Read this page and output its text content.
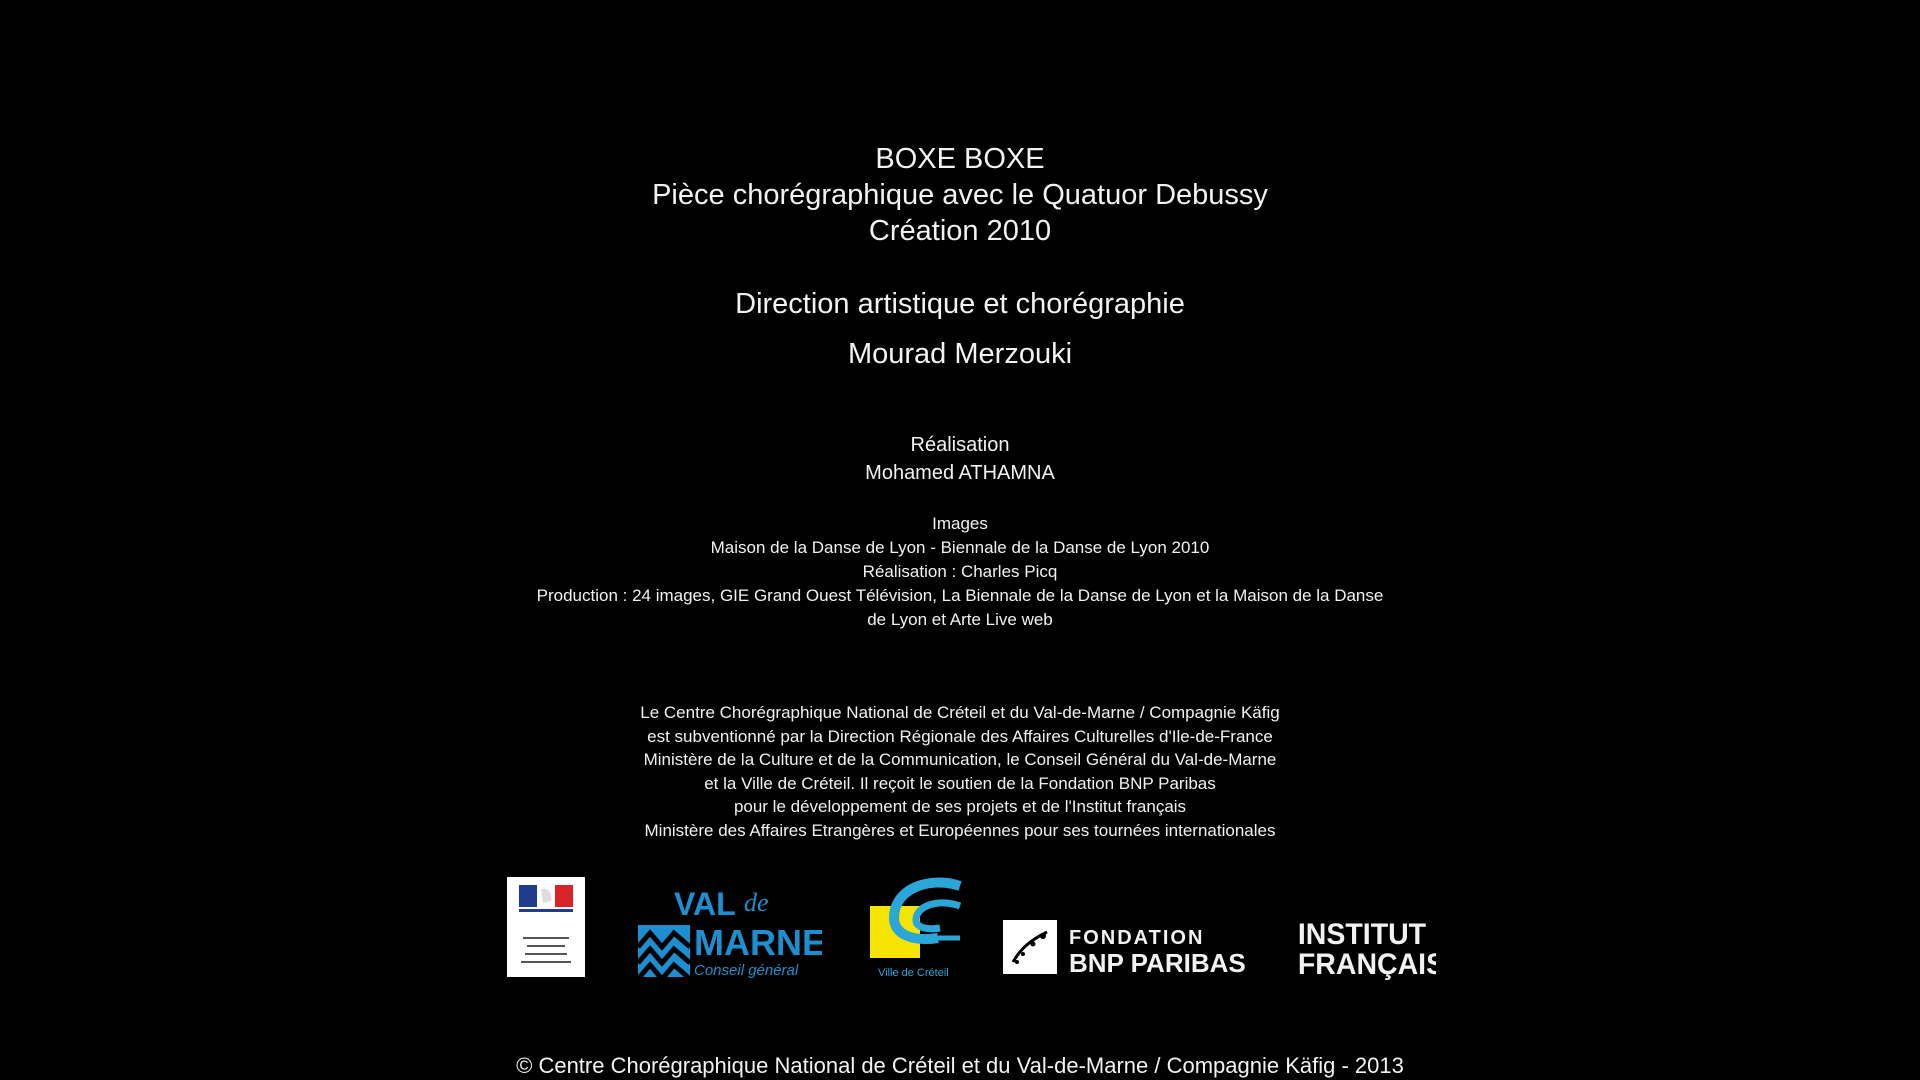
BOXE BOXE
Pièce chorégraphique avec le Quatuor Debussy
Création 2010
Direction artistique et chorégraphie
Mourad Merzouki
Réalisation
Mohamed ATHAMNA
Images
Maison de la Danse de Lyon - Biennale de la Danse de Lyon 2010
Réalisation : Charles Picq
Production : 24 images, GIE Grand Ouest Télévision, La Biennale de la Danse de Lyon et la Maison de la Danse
de Lyon et Arte Live web
Le Centre Chorégraphique National de Créteil et du Val-de-Marne / Compagnie Käfig
est subventionné par la Direction Régionale des Affaires Culturelles d'Ile-de-France
Ministère de la Culture et de la Communication, le Conseil Général du Val-de-Marne
et la Ville de Créteil. Il reçoit le soutien de la Fondation BNP Paribas
pour le développement de ses projets et de l'Institut français
Ministère des Affaires Etrangères et Européennes pour ses tournées internationales
VAL de
MARNE
Conseil général	Ville de Créteil
FONDATION
BNP PARIBAS
INSTITUT
FRANÇAIS
© Centre Chorégraphique National de Créteil et du Val-de-Marne / Compagnie Käfig - 2013
